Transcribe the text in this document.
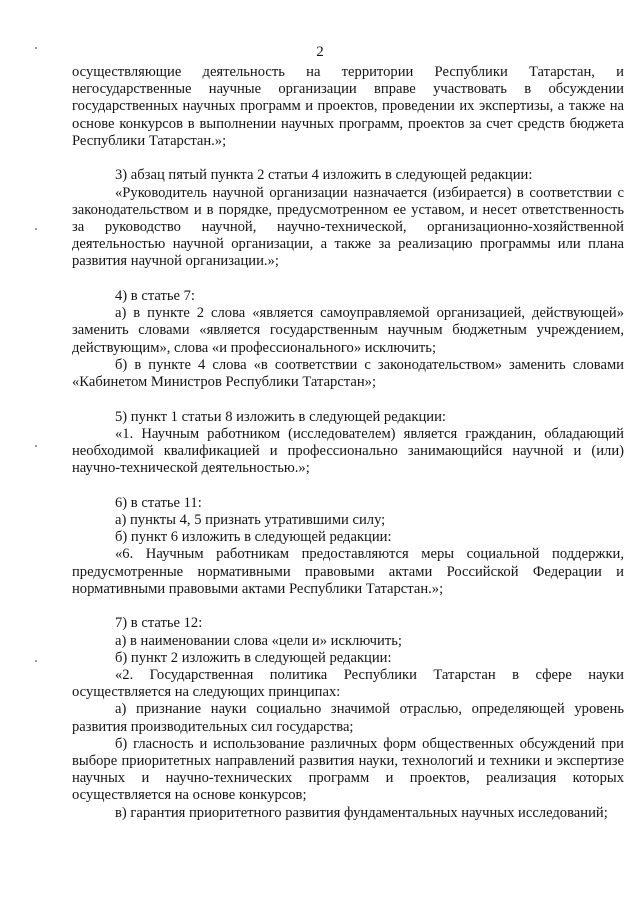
2

осуществляющие деятельность на территории Республики Татарстан, и негосударственные научные организации вправе участвовать в обсуждении государственных научных программ и проектов, проведении их экспертизы, а также на основе конкурсов в выполнении научных программ, проектов за счет средств бюджета Республики Татарстан.»;

3) абзац пятый пункта 2 статьи 4 изложить в следующей редакции:

«Руководитель научной организации назначается (избирается) в соответствии с законодательством и в порядке, предусмотренном ее уставом, и несет ответственность за руководство научной, научно-технической, организационно-хозяйственной деятельностью научной организации, а также за реализацию программы или плана развития научной организации.»;

4) в статье 7:

а) в пункте 2 слова «является самоуправляемой организацией, действующей» заменить словами «является государственным научным бюджетным учреждением, действующим», слова «и профессионального» исключить;

б) в пункте 4 слова «в соответствии с законодательством» заменить словами «Кабинетом Министров Республики Татарстан»;

5) пункт 1 статьи 8 изложить в следующей редакции:

«1. Научным работником (исследователем) является гражданин, обладающий необходимой квалификацией и профессионально занимающийся научной и (или) научно-технической деятельностью.»;

6) в статье 11:

а) пункты 4, 5 признать утратившими силу;

б) пункт 6 изложить в следующей редакции:

«6. Научным работникам предоставляются меры социальной поддержки, предусмотренные нормативными правовыми актами Российской Федерации и нормативными правовыми актами Республики Татарстан.»;

7) в статье 12:

а) в наименовании слова «цели и» исключить;

б) пункт 2 изложить в следующей редакции:

«2. Государственная политика Республики Татарстан в сфере науки осуществляется на следующих принципах:

а) признание науки социально значимой отраслью, определяющей уровень развития производительных сил государства;

б) гласность и использование различных форм общественных обсуждений при выборе приоритетных направлений развития науки, технологий и техники и экспертизе научных и научно-технических программ и проектов, реализация которых осуществляется на основе конкурсов;

в) гарантия приоритетного развития фундаментальных научных исследований;
